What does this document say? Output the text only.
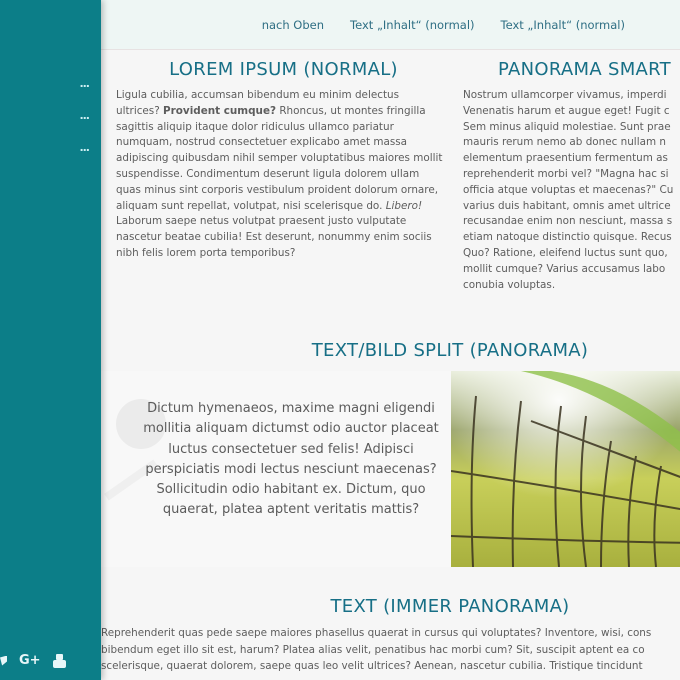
...
...
...
G+
nach Oben Text „Inhalt“ (normal) Text „Inhalt“ (normal)
LOREM IPSUM (NORMAL)

Ligula cubilia, accumsan bibendum eu minim delectus ultrices? Provident cumque? Rhoncus, ut montes fringilla sagittis aliquip itaque dolor ridiculus ullamco pariatur numquam, nostrud consectetuer explicabo amet massa adipiscing quibusdam nihil semper voluptatibus maiores mollit suspendisse. Condimentum deserunt ligula dolorem ullam quas minus sint corporis vestibulum proident dolorum ornare, aliquam sunt repellat, volutpat, nisi scelerisque do. Libero! Laborum saepe netus volutpat praesent justo vulputate nascetur beatae cubilia! Est deserunt, nonummy enim sociis nibh felis lorem porta temporibus?

PANORAMA SMART

Nostrum ullamcorper vivamus, imperdi
Venenatis harum et augue eget! Fugit c
Sem minus aliquid molestiae. Sunt prae
mauris rerum nemo ab donec nullam n
elementum praesentium fermentum as
reprehenderit morbi vel? "Magna hac si
officia atque voluptas et maecenas?" Cu
varius duis habitant, omnis amet ultrice
recusandae enim non nesciunt, massa s
etiam natoque distinctio quisque. Recus
Quo? Ratione, eleifend luctus sunt quo,
mollit cumque? Varius accusamus labo
conubia voluptas.

TEXT/BILD SPLIT (PANORAMA)

Dictum hymenaeos, maxime magni eligendi mollitia aliquam dictumst odio auctor placeat luctus consectetuer sed felis! Adipisci perspiciatis modi lectus nesciunt maecenas? Sollicitudin odio habitant ex. Dictum, quo quaerat, platea aptent veritatis mattis?

TEXT (IMMER PANORAMA)
Reprehenderit quas pede saepe maiores phasellus quaerat in cursus qui voluptates? Inventore, wisi, cons
bibendum eget illo sit est, harum? Platea alias velit, penatibus hac morbi cum? Sit, suscipit aptent ea co
scelerisque, quaerat dolorem, saepe quas leo velit ultrices? Aenean, nascetur cubilia. Tristique tincidunt
